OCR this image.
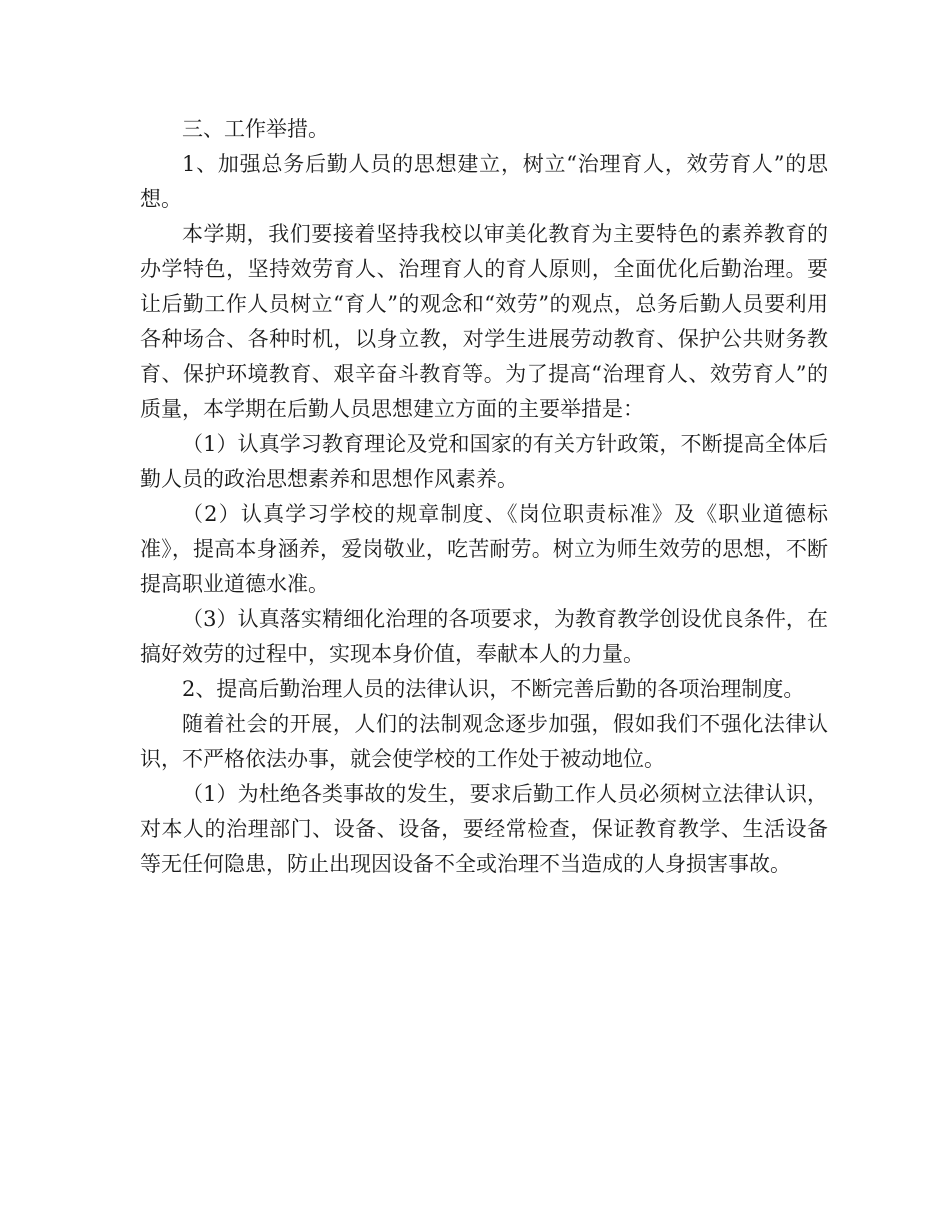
三、工作举措。

1、加强总务后勤人员的思想建立，树立“治理育人，效劳育人”的思想。

本学期，我们要接着坚持我校以审美化教育为主要特色的素养教育的办学特色，坚持效劳育人、治理育人的育人原则，全面优化后勤治理。要让后勤工作人员树立“育人”的观念和“效劳”的观点，总务后勤人员要利用各种场合、各种时机，以身立教，对学生进展劳动教育、保护公共财务教育、保护环境教育、艰辛奋斗教育等。为了提高“治理育人、效劳育人”的质量，本学期在后勤人员思想建立方面的主要举措是：

（1）认真学习教育理论及党和国家的有关方针政策，不断提高全体后勤人员的政治思想素养和思想作风素养。

（2）认真学习学校的规章制度、《岗位职责标准》及《职业道德标准》，提高本身涵养，爱岗敬业，吃苦耐劳。树立为师生效劳的思想，不断提高职业道德水准。

（3）认真落实精细化治理的各项要求，为教育教学创设优良条件，在搞好效劳的过程中，实现本身价值，奉献本人的力量。

2、提高后勤治理人员的法律认识，不断完善后勤的各项治理制度。

随着社会的开展，人们的法制观念逐步加强，假如我们不强化法律认识，不严格依法办事，就会使学校的工作处于被动地位。

（1）为杜绝各类事故的发生，要求后勤工作人员必须树立法律认识，对本人的治理部门、设备、设备，要经常检查，保证教育教学、生活设备等无任何隐患，防止出现因设备不全或治理不当造成的人身损害事故。
